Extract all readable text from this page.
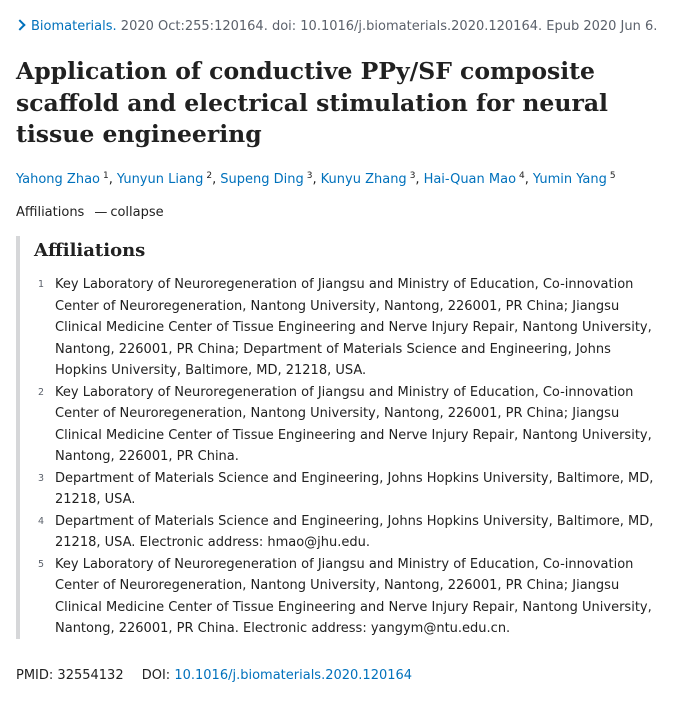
Biomaterials. 2020 Oct:255:120164. doi: 10.1016/j.biomaterials.2020.120164. Epub 2020 Jun 6.
Application of conductive PPy/SF composite scaffold and electrical stimulation for neural tissue engineering
Yahong Zhao $^1$, Yunyun Liang $^2$, Supeng Ding $^3$, Kunyu Zhang $^3$, Hai-Quan Mao $^4$, Yumin Yang $^5$
Affiliations — collapse
Affiliations
1 Key Laboratory of Neuroregeneration of Jiangsu and Ministry of Education, Co-innovation Center of Neuroregeneration, Nantong University, Nantong, 226001, PR China; Jiangsu Clinical Medicine Center of Tissue Engineering and Nerve Injury Repair, Nantong University, Nantong, 226001, PR China; Department of Materials Science and Engineering, Johns Hopkins University, Baltimore, MD, 21218, USA.
2 Key Laboratory of Neuroregeneration of Jiangsu and Ministry of Education, Co-innovation Center of Neuroregeneration, Nantong University, Nantong, 226001, PR China; Jiangsu Clinical Medicine Center of Tissue Engineering and Nerve Injury Repair, Nantong University, Nantong, 226001, PR China.
3 Department of Materials Science and Engineering, Johns Hopkins University, Baltimore, MD, 21218, USA.
4 Department of Materials Science and Engineering, Johns Hopkins University, Baltimore, MD, 21218, USA. Electronic address: hmao@jhu.edu.
5 Key Laboratory of Neuroregeneration of Jiangsu and Ministry of Education, Co-innovation Center of Neuroregeneration, Nantong University, Nantong, 226001, PR China; Jiangsu Clinical Medicine Center of Tissue Engineering and Nerve Injury Repair, Nantong University, Nantong, 226001, PR China. Electronic address: yangym@ntu.edu.cn.
PMID: 32554132 DOI: 10.1016/j.biomaterials.2020.120164
